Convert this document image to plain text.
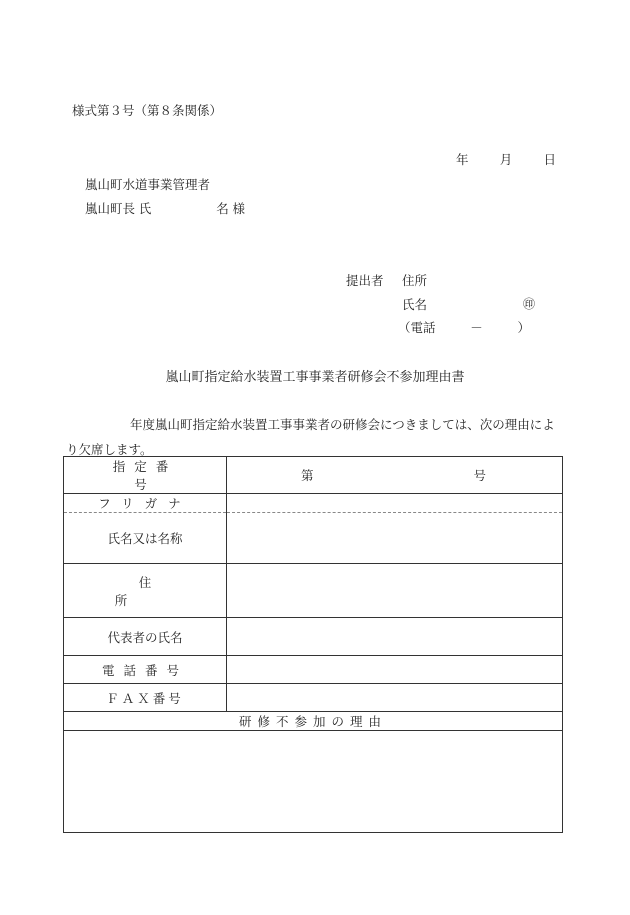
様式第３号（第８条関係）
年 月 日
嵐山町水道事業管理者
嵐山町長 氏	名 様
提出者 住所
氏名	㊞
（電話	－	）
嵐山町指定給水装置工事事業者研修会不参加理由書
年度嵐山町指定給水装置工事事業者の研修会につきましては、次の理由により欠席します。
指定番号	第 号

フリガナ	
氏名又は名称	
住所	
代表者の氏名	
電話番号	
ＦＡＸ番号	
研修不参加の理由	
